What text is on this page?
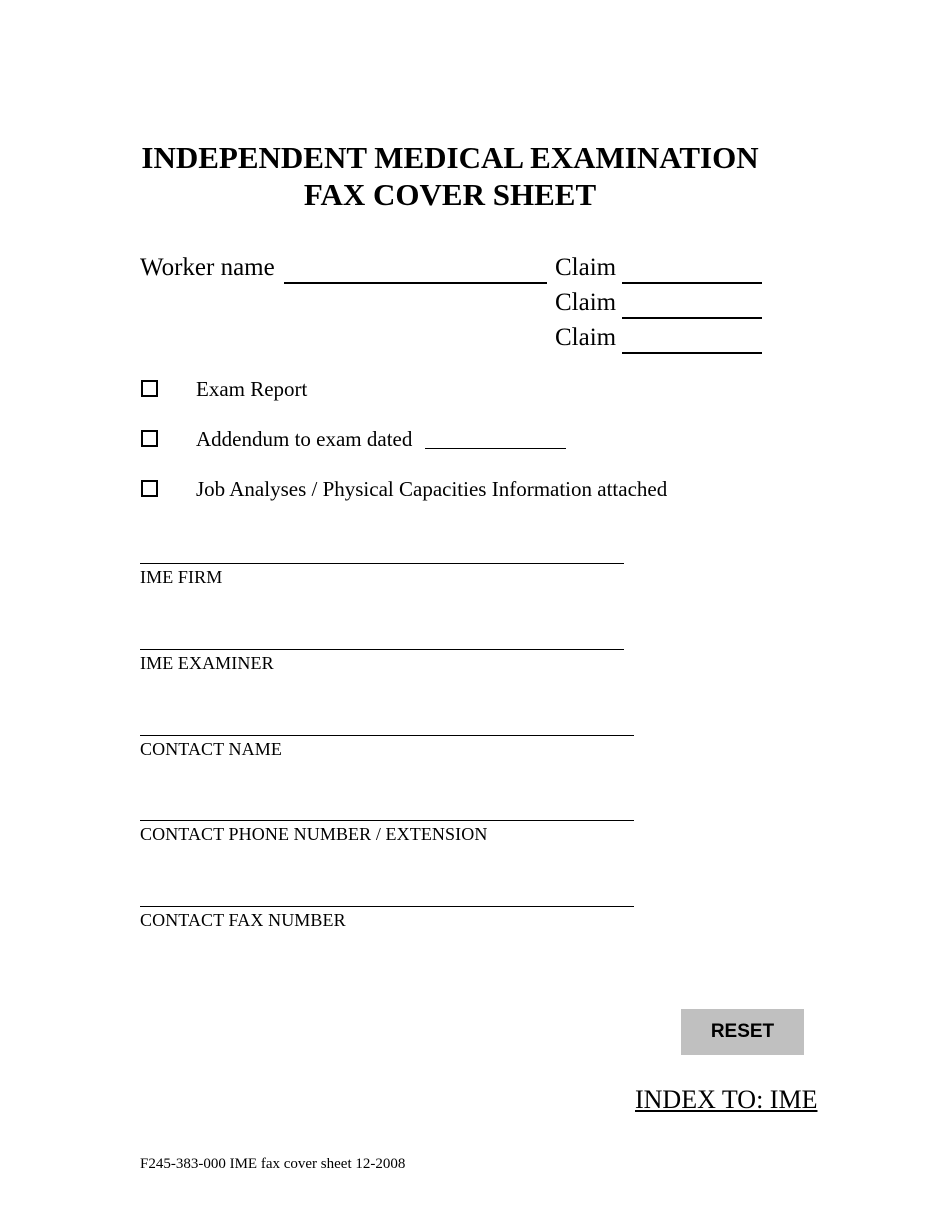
INDEPENDENT MEDICAL EXAMINATION
FAX COVER SHEET
Worker name	Claim
Claim
Claim
Exam Report
Addendum to exam dated
Job Analyses / Physical Capacities Information attached
IME FIRM
IME EXAMINER
CONTACT NAME
CONTACT PHONE NUMBER / EXTENSION
CONTACT FAX NUMBER
RESET
INDEX TO: IME
F245-383-000 IME fax cover sheet 12-2008
